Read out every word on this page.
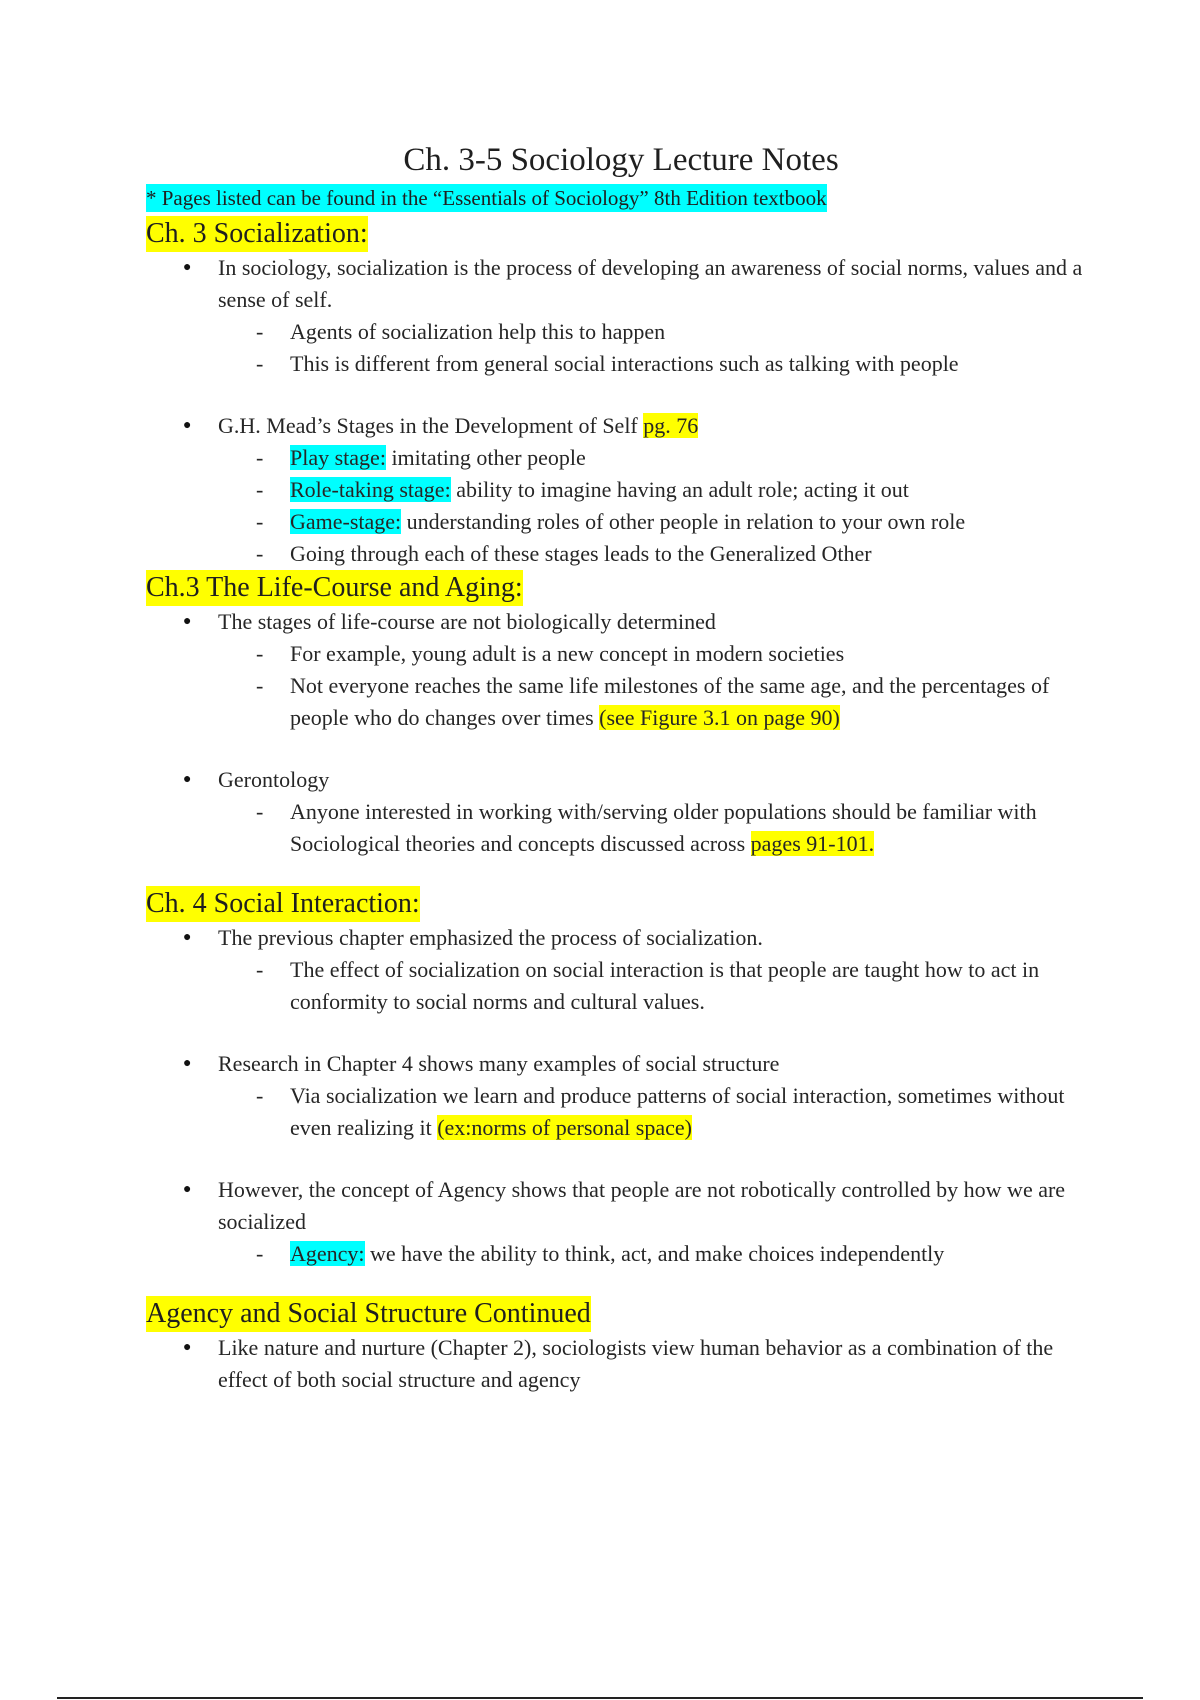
Ch. 3-5 Sociology Lecture Notes
* Pages listed can be found in the “Essentials of Sociology” 8th Edition textbook
Ch. 3 Socialization:
● In sociology, socialization is the process of developing an awareness of social norms, values and a sense of self.
- Agents of socialization help this to happen
- This is different from general social interactions such as talking with people
● G.H. Mead’s Stages in the Development of Self pg. 76
- Play stage: imitating other people
- Role-taking stage: ability to imagine having an adult role; acting it out
- Game-stage: understanding roles of other people in relation to your own role
- Going through each of these stages leads to the Generalized Other
Ch.3 The Life-Course and Aging:
● The stages of life-course are not biologically determined
- For example, young adult is a new concept in modern societies
- Not everyone reaches the same life milestones of the same age, and the percentages of people who do changes over times (see Figure 3.1 on page 90)
● Gerontology
- Anyone interested in working with/serving older populations should be familiar with Sociological theories and concepts discussed across pages 91-101.
Ch. 4 Social Interaction:
● The previous chapter emphasized the process of socialization.
- The effect of socialization on social interaction is that people are taught how to act in conformity to social norms and cultural values.
● Research in Chapter 4 shows many examples of social structure
- Via socialization we learn and produce patterns of social interaction, sometimes without even realizing it (ex:norms of personal space)
● However, the concept of Agency shows that people are not robotically controlled by how we are socialized
- Agency: we have the ability to think, act, and make choices independently
Agency and Social Structure Continued
● Like nature and nurture (Chapter 2), sociologists view human behavior as a combination of the effect of both social structure and agency
